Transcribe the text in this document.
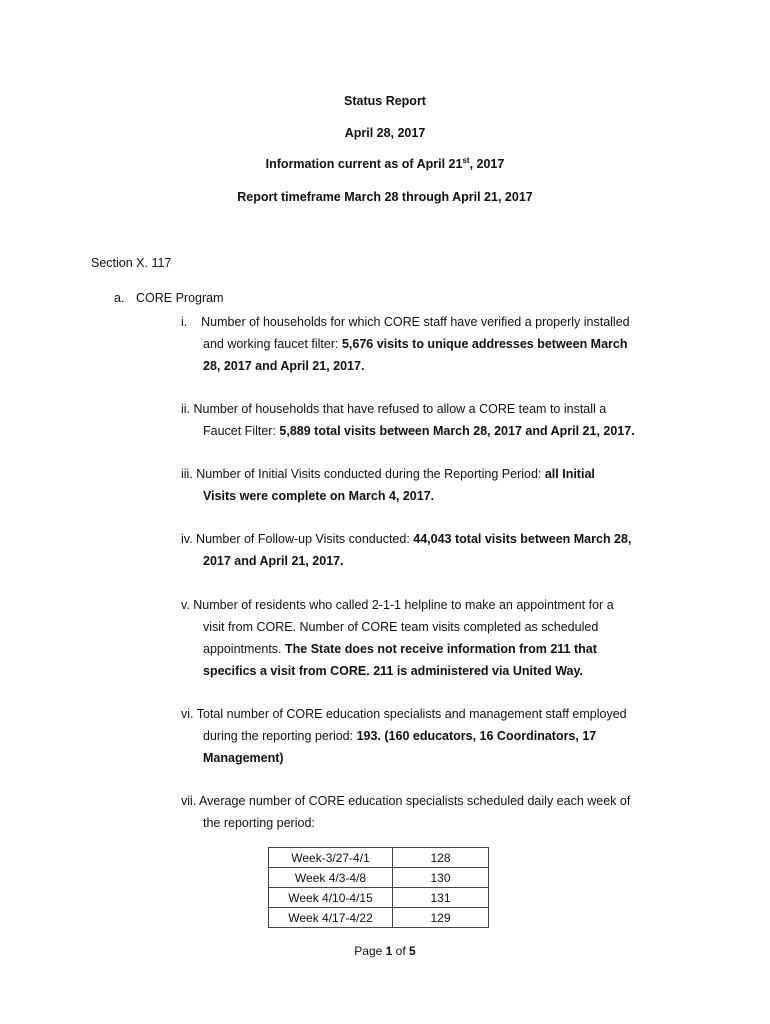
Status Report
April 28, 2017
Information current as of April 21st, 2017
Report timeframe March 28 through April 21, 2017
Section X. 117
a. CORE Program
i. Number of households for which CORE staff have verified a properly installed
and working faucet filter: 5,676 visits to unique addresses between March
28, 2017 and April 21, 2017.
ii. Number of households that have refused to allow a CORE team to install a
Faucet Filter: 5,889 total visits between March 28, 2017 and April 21, 2017.
iii. Number of Initial Visits conducted during the Reporting Period: all Initial
Visits were complete on March 4, 2017.
iv. Number of Follow-up Visits conducted: 44,043 total visits between March 28,
2017 and April 21, 2017.
v. Number of residents who called 2-1-1 helpline to make an appointment for a
visit from CORE. Number of CORE team visits completed as scheduled
appointments. The State does not receive information from 211 that
specifics a visit from CORE. 211 is administered via United Way.
vi. Total number of CORE education specialists and management staff employed
during the reporting period: 193. (160 educators, 16 Coordinators, 17
Management)
vii. Average number of CORE education specialists scheduled daily each week of
the reporting period:
Week-3/27-4/1	128
Week 4/3-4/8	130
Week 4/10-4/15	131
Week 4/17-4/22	129
Page 1 of 5
